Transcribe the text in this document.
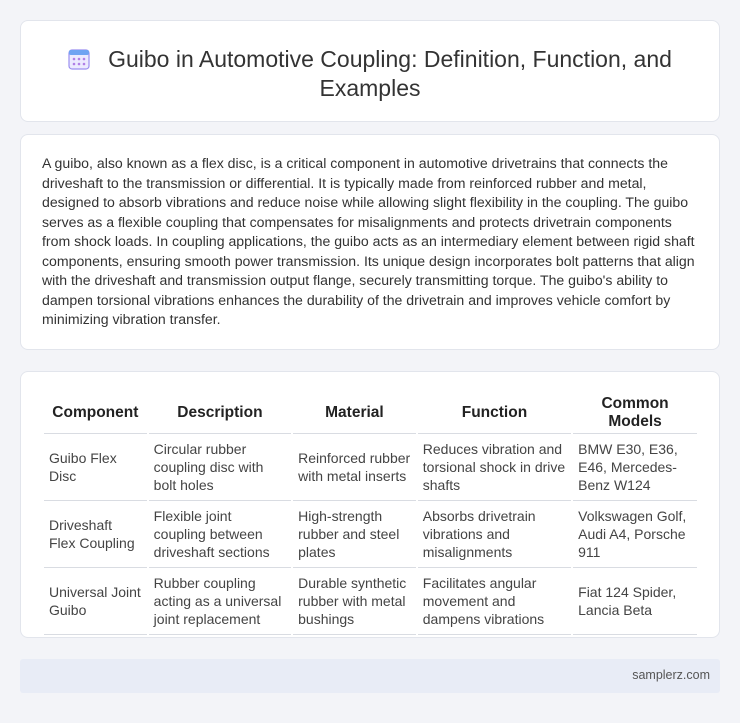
Guibo in Automotive Coupling: Definition, Function, and Examples

A guibo, also known as a flex disc, is a critical component in automotive drivetrains that connects the driveshaft to the transmission or differential. It is typically made from reinforced rubber and metal, designed to absorb vibrations and reduce noise while allowing slight flexibility in the coupling. The guibo serves as a flexible coupling that compensates for misalignments and protects drivetrain components from shock loads. In coupling applications, the guibo acts as an intermediary element between rigid shaft components, ensuring smooth power transmission. Its unique design incorporates bolt patterns that align with the driveshaft and transmission output flange, securely transmitting torque. The guibo's ability to dampen torsional vibrations enhances the durability of the drivetrain and improves vehicle comfort by minimizing vibration transfer.

Component	Description	Material	Function	Common Models
Guibo Flex Disc	Circular rubber coupling disc with bolt holes	Reinforced rubber with metal inserts	Reduces vibration and torsional shock in drive shafts	BMW E30, E36, E46, Mercedes-Benz W124
Driveshaft Flex Coupling	Flexible joint coupling between driveshaft sections	High-strength rubber and steel plates	Absorbs drivetrain vibrations and misalignments	Volkswagen Golf, Audi A4, Porsche 911
Universal Joint Guibo	Rubber coupling acting as a universal joint replacement	Durable synthetic rubber with metal bushings	Facilitates angular movement and dampens vibrations	Fiat 124 Spider, Lancia Beta
samplerz.com
